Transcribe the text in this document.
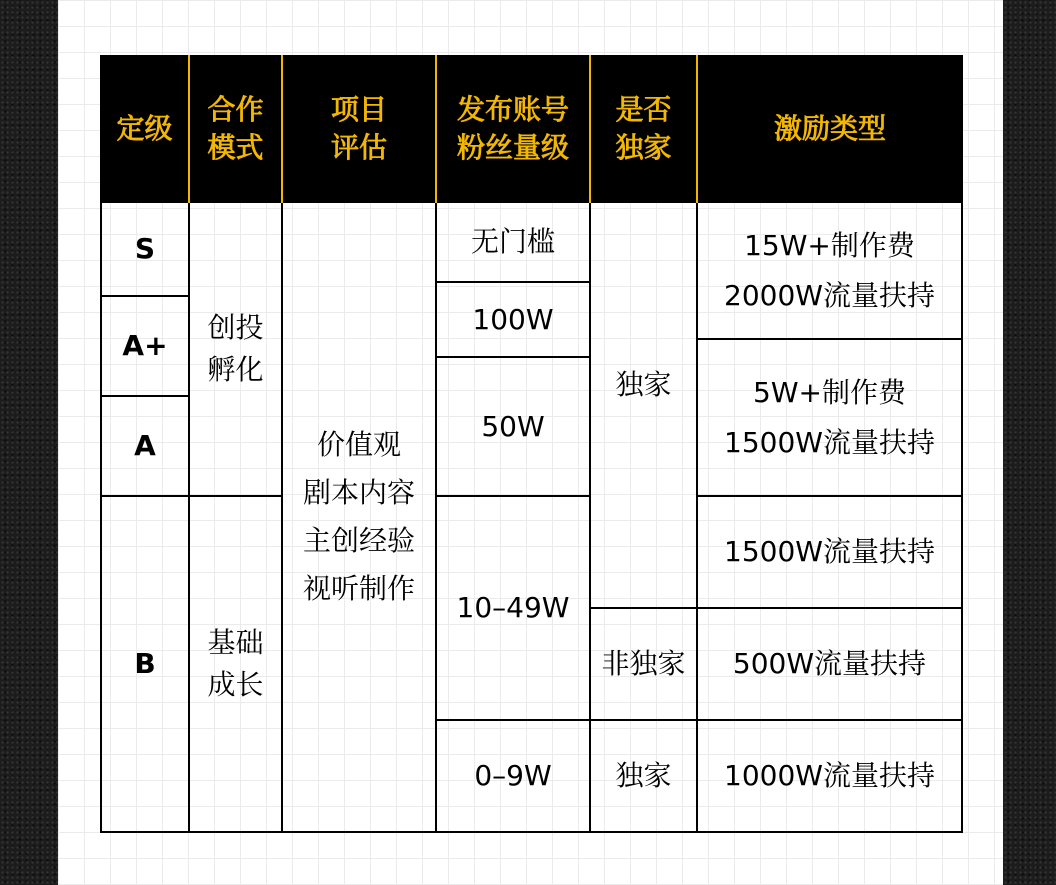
定级
合作
模式
项目
评估
发布账号
粉丝量级
是否
独家
激励类型
S
A+
A
B
创投
孵化
基础
成长
价值观
剧本内容
主创经验
视听制作
无门槛
100W
50W
10–49W
0–9W
独家
非独家
独家
15W+制作费
2000W流量扶持
5W+制作费
1500W流量扶持
1500W流量扶持
500W流量扶持
1000W流量扶持
